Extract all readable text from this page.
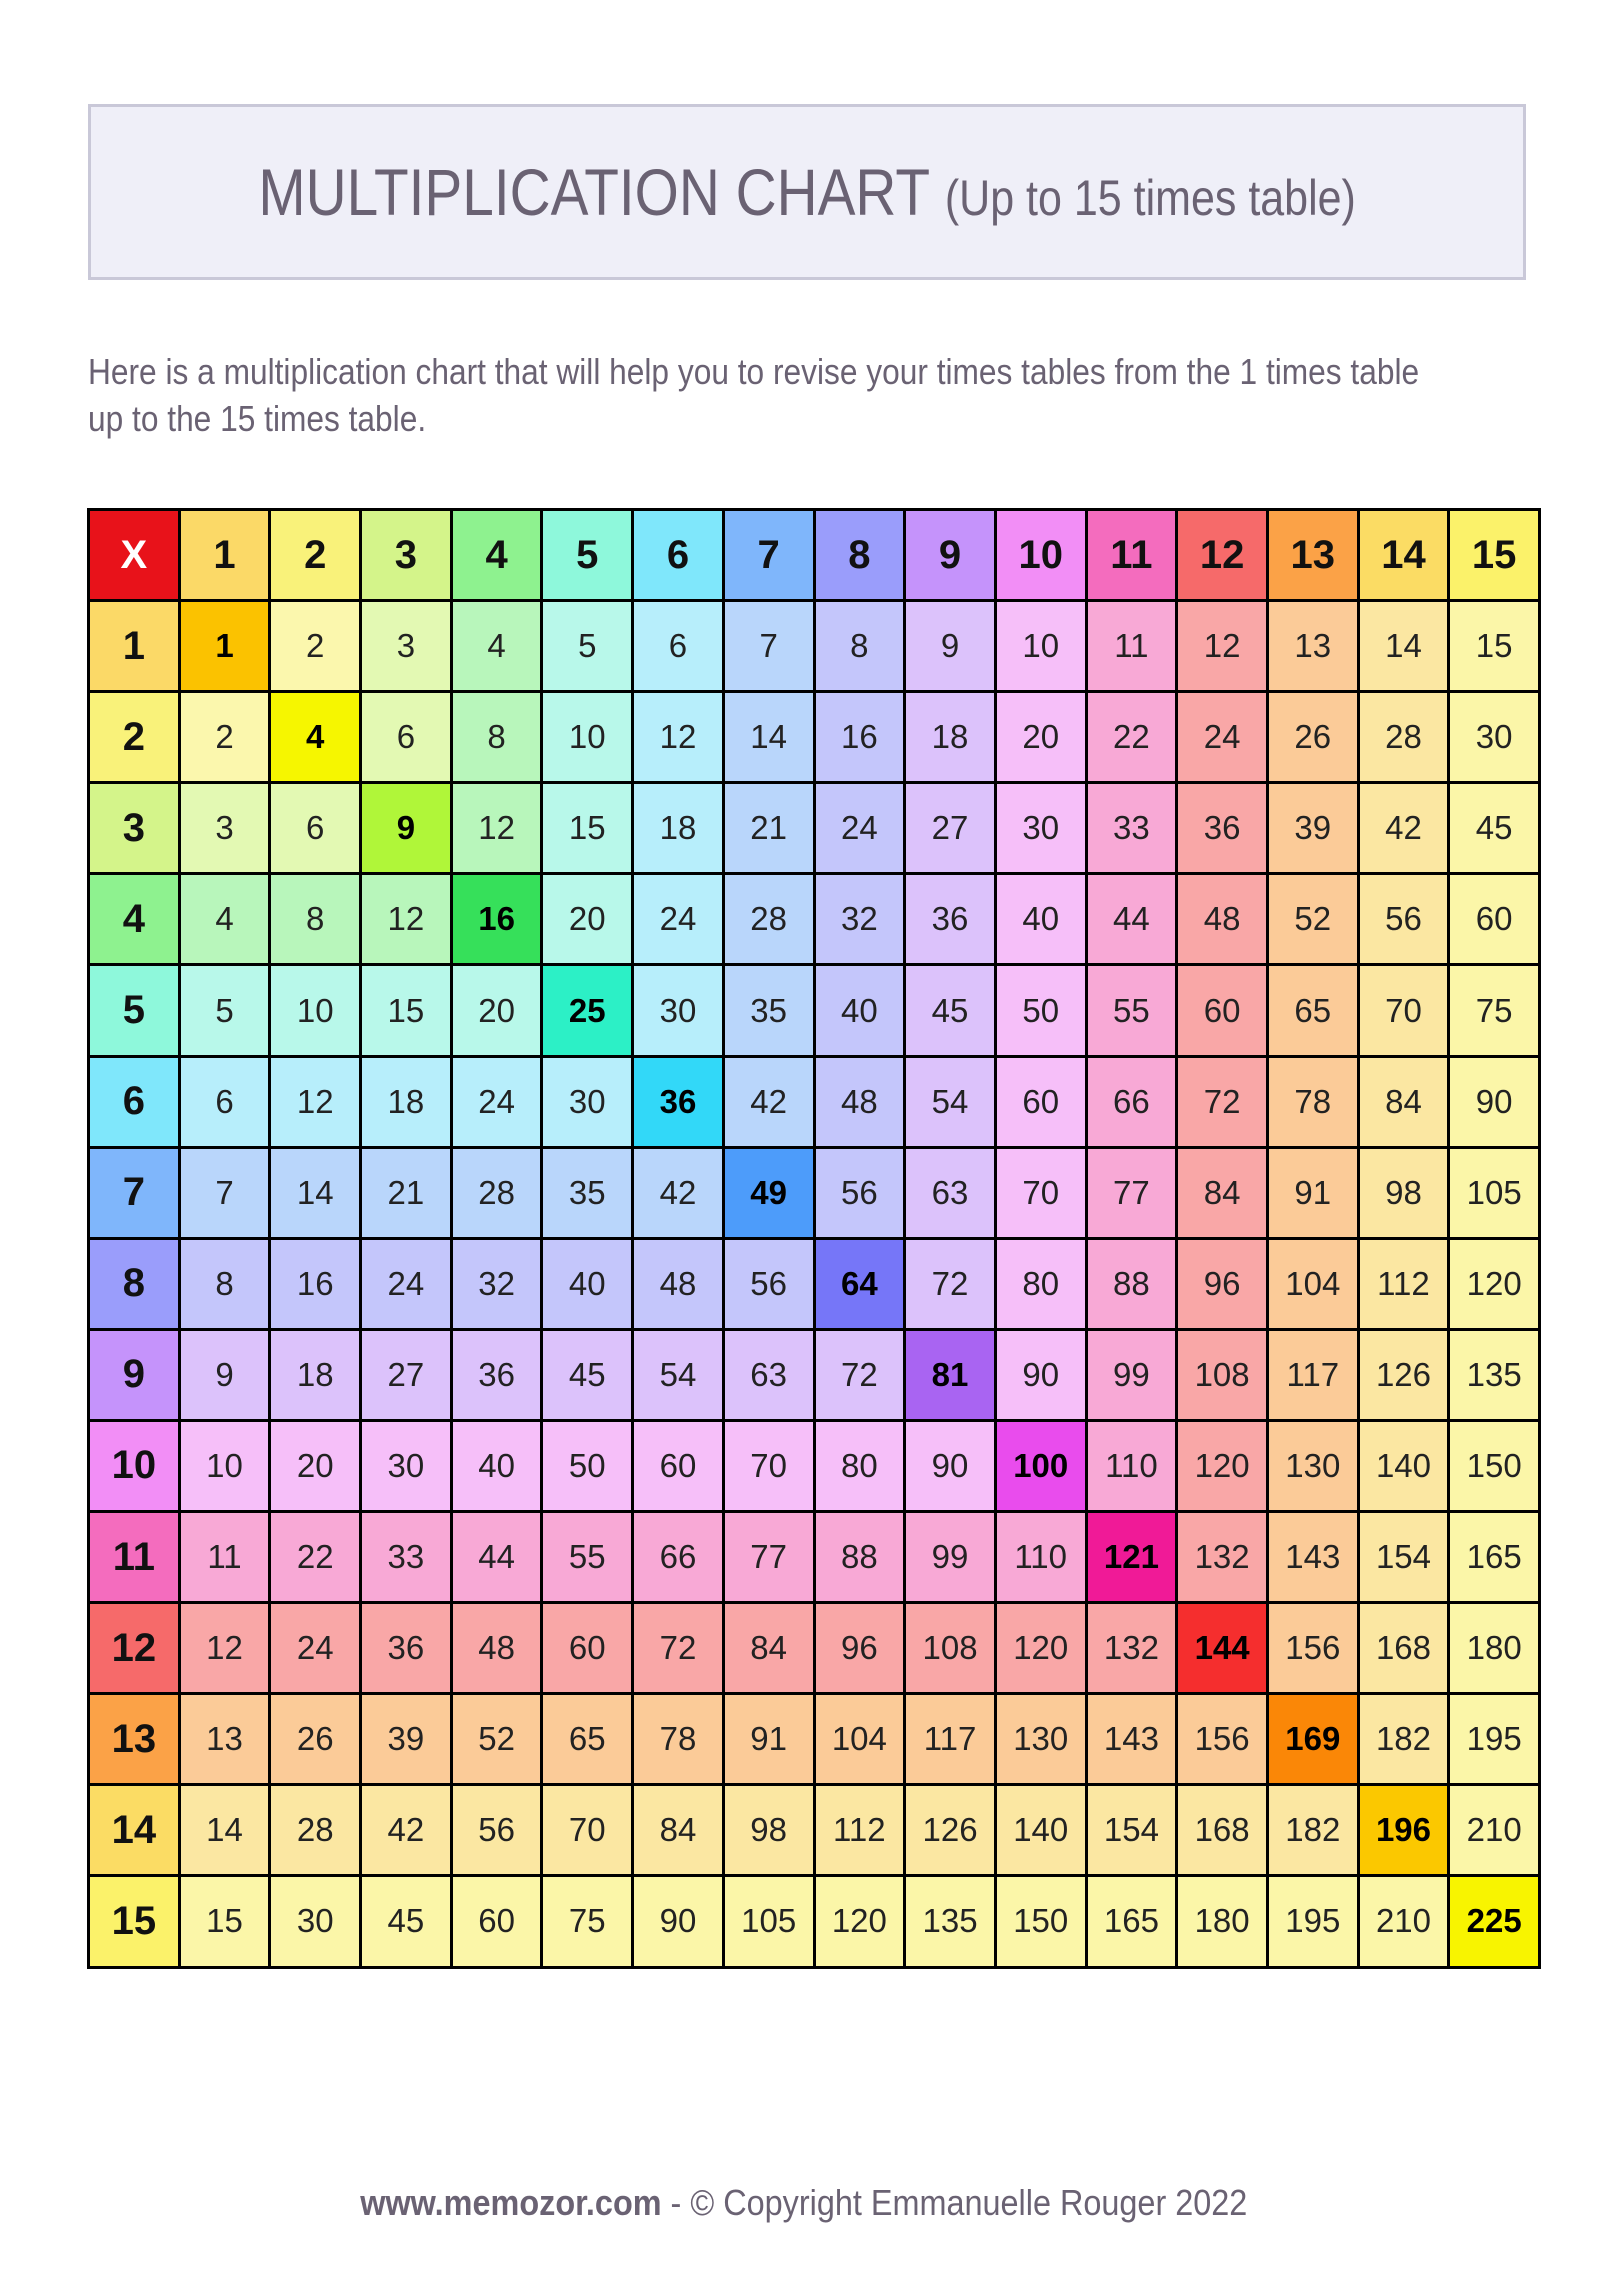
MULTIPLICATION CHART (Up to 15 times table)
Here is a multiplication chart that will help you to revise your times tables from the 1 times table
up to the 15 times table.
X	1	2	3	4	5	6	7	8	9	10	11	12	13	14	15
1	1	2	3	4	5	6	7	8	9	10	11	12	13	14	15
2	2	4	6	8	10	12	14	16	18	20	22	24	26	28	30
3	3	6	9	12	15	18	21	24	27	30	33	36	39	42	45
4	4	8	12	16	20	24	28	32	36	40	44	48	52	56	60
5	5	10	15	20	25	30	35	40	45	50	55	60	65	70	75
6	6	12	18	24	30	36	42	48	54	60	66	72	78	84	90
7	7	14	21	28	35	42	49	56	63	70	77	84	91	98	105
8	8	16	24	32	40	48	56	64	72	80	88	96	104	112	120
9	9	18	27	36	45	54	63	72	81	90	99	108	117	126	135
10	10	20	30	40	50	60	70	80	90	100	110	120	130	140	150
11	11	22	33	44	55	66	77	88	99	110	121	132	143	154	165
12	12	24	36	48	60	72	84	96	108	120	132	144	156	168	180
13	13	26	39	52	65	78	91	104	117	130	143	156	169	182	195
14	14	28	42	56	70	84	98	112	126	140	154	168	182	196	210
15	15	30	45	60	75	90	105	120	135	150	165	180	195	210	225
www.memozor.com - © Copyright Emmanuelle Rouger 2022
